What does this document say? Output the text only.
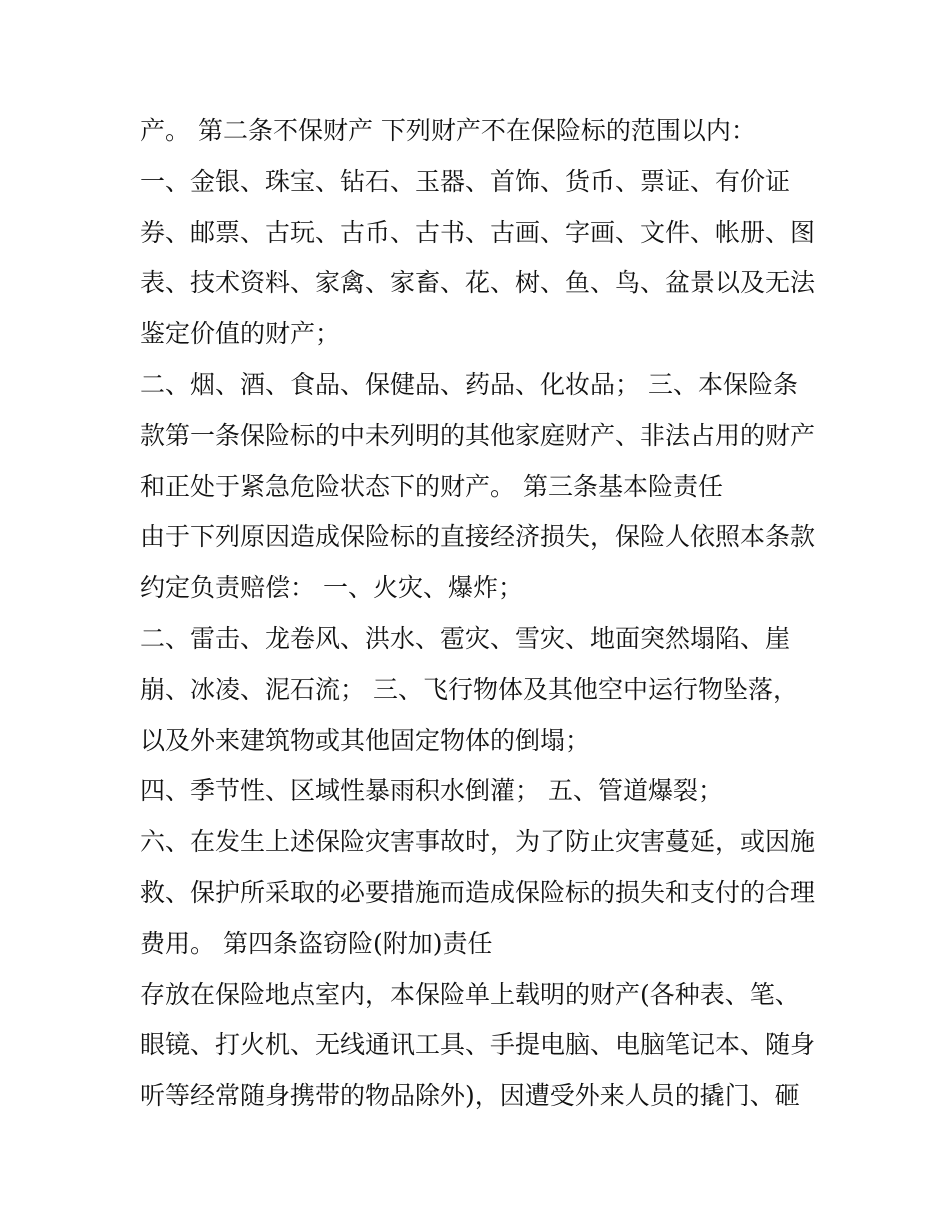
产。 第二条不保财产 下列财产不在保险标的范围以内：
一、金银、珠宝、钻石、玉器、首饰、货币、票证、有价证
券、邮票、古玩、古币、古书、古画、字画、文件、帐册、图
表、技术资料、家禽、家畜、花、树、鱼、鸟、盆景以及无法
鉴定价值的财产；
二、烟、酒、食品、保健品、药品、化妆品； 三、本保险条
款第一条保险标的中未列明的其他家庭财产、非法占用的财产
和正处于紧急危险状态下的财产。 第三条基本险责任
由于下列原因造成保险标的直接经济损失，保险人依照本条款
约定负责赔偿： 一、火灾、爆炸；
二、雷击、龙卷风、洪水、雹灾、雪灾、地面突然塌陷、崖
崩、冰凌、泥石流； 三、飞行物体及其他空中运行物坠落，
以及外来建筑物或其他固定物体的倒塌；
四、季节性、区域性暴雨积水倒灌； 五、管道爆裂；
六、在发生上述保险灾害事故时，为了防止灾害蔓延，或因施
救、保护所采取的必要措施而造成保险标的损失和支付的合理
费用。 第四条盗窃险(附加)责任
存放在保险地点室内，本保险单上载明的财产(各种表、笔、
眼镜、打火机、无线通讯工具、手提电脑、电脑笔记本、随身
听等经常随身携带的物品除外)，因遭受外来人员的撬门、砸
